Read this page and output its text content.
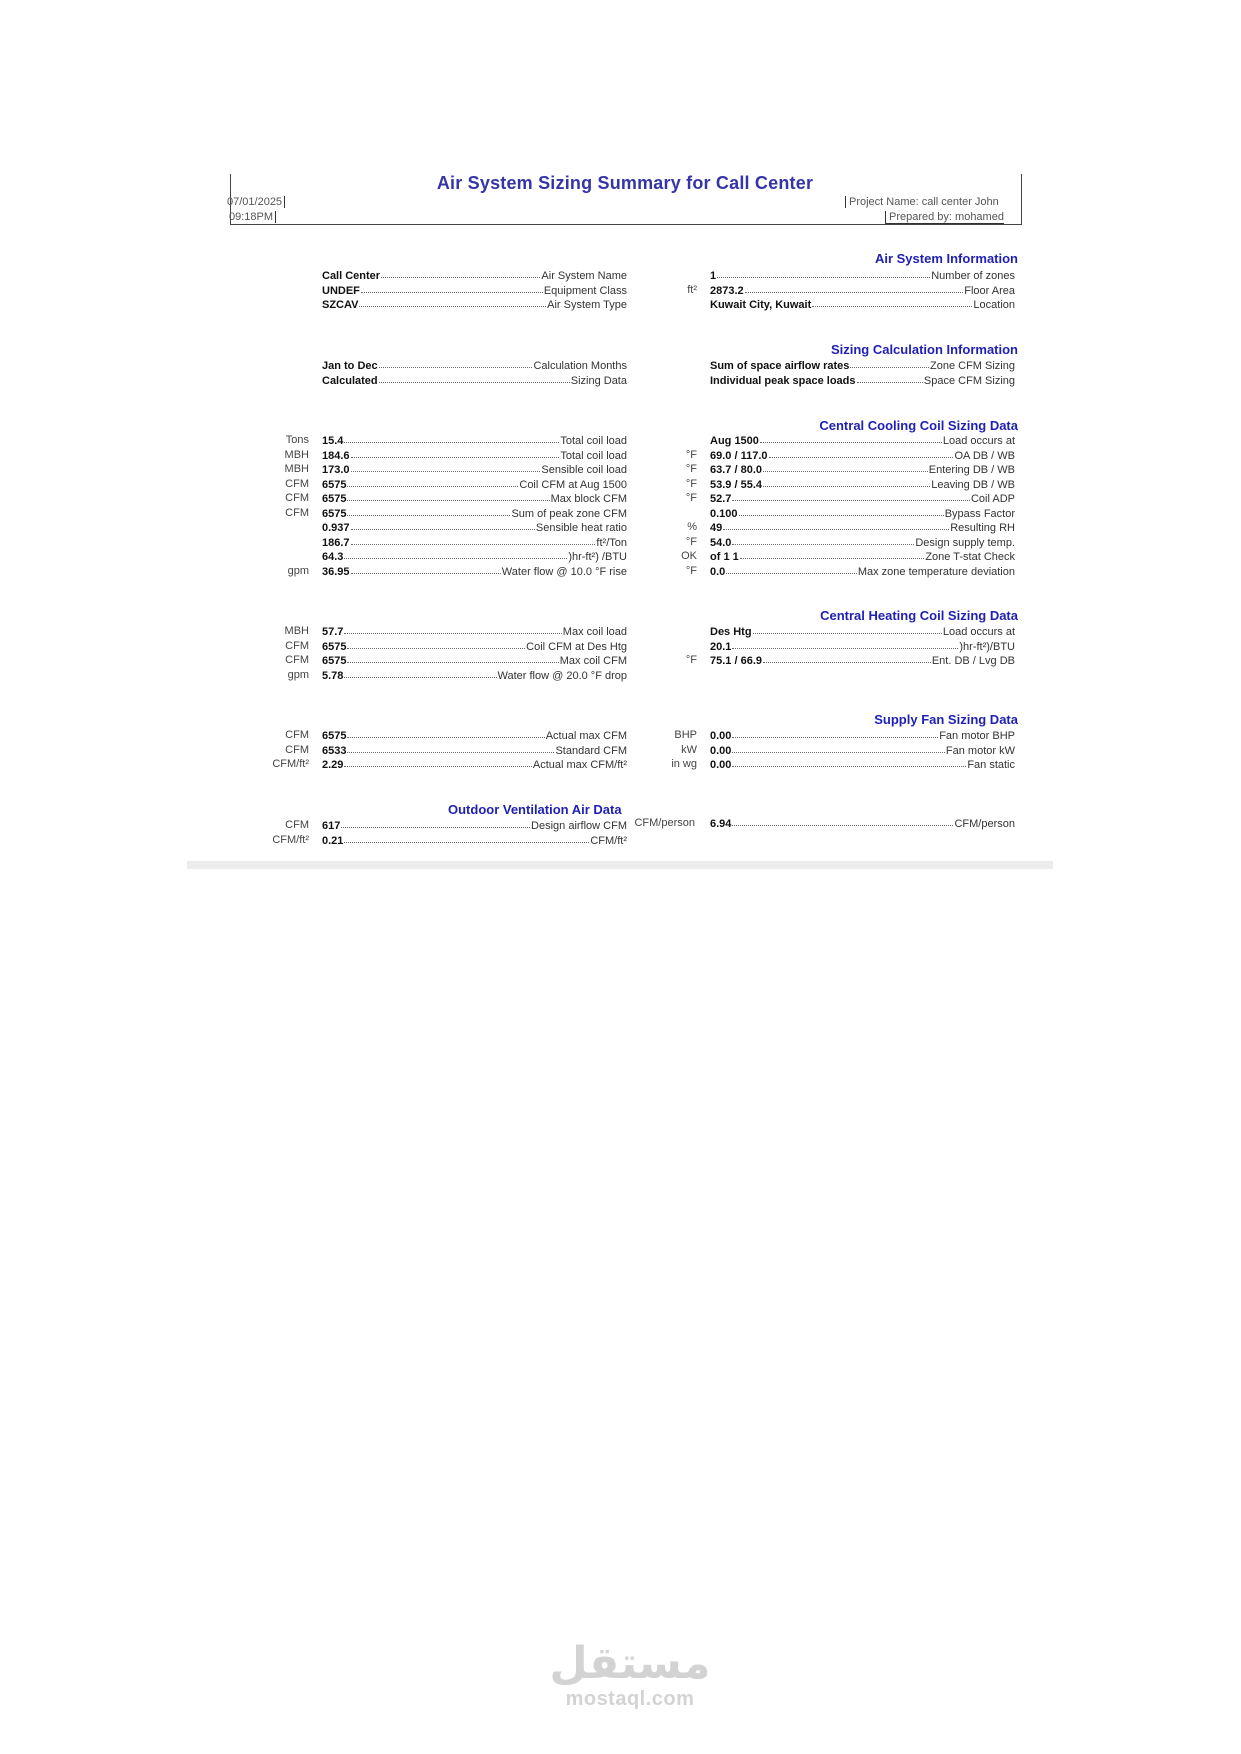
Air System Sizing Summary for Call Center
07/01/2025
09:18PM
Project Name: call center John
Prepared by: mohamed
Air System Information
Sizing Calculation Information
Central Cooling Coil Sizing Data
Central Heating Coil Sizing Data
Supply Fan Sizing Data
Outdoor Ventilation Air Data
Call Center	Air System Name
UNDEF	Equipment Class
SZCAV	Air System Type
1	Number of zones
ft² 2873.2	Floor Area
Kuwait City, Kuwait	Location
Jan to Dec	Calculation Months
Calculated	Sizing Data
Sum of space airflow rates	Zone CFM Sizing
Individual peak space loads	Space CFM Sizing
Tons 15.4	Total coil load
MBH 184.6	Total coil load
MBH 173.0	Sensible coil load
CFM 6575	Coil CFM at Aug 1500
CFM 6575	Max block CFM
CFM 6575	Sum of peak zone CFM
0.937	Sensible heat ratio
186.7	ft²/Ton
64.3	)hr-ft²) /BTU
gpm 36.95	Water flow @ 10.0 °F rise
Aug 1500	Load occurs at
°F 69.0 / 117.0	OA DB / WB
°F 63.7 / 80.0	Entering DB / WB
°F 53.9 / 55.4	Leaving DB / WB
°F 52.7	Coil ADP
0.100	Bypass Factor
% 49	Resulting RH
°F 54.0	Design supply temp.
OK of 1 1	Zone T-stat Check
°F 0.0	Max zone temperature deviation
MBH 57.7	Max coil load
CFM 6575	Coil CFM at Des Htg
CFM 6575	Max coil CFM
gpm 5.78	Water flow @ 20.0 °F drop
Des Htg	Load occurs at
20.1	)hr-ft²)/BTU
°F 75.1 / 66.9	Ent. DB / Lvg DB
CFM 6575	Actual max CFM
CFM 6533	Standard CFM
CFM/ft² 2.29	Actual max CFM/ft²
BHP 0.00	Fan motor BHP
kW 0.00	Fan motor kW
in wg 0.00	Fan static
CFM 617	Design airflow CFM
CFM/ft² 0.21	CFM/ft²
CFM/person 6.94	CFM/person
مستقل
mostaql.com
